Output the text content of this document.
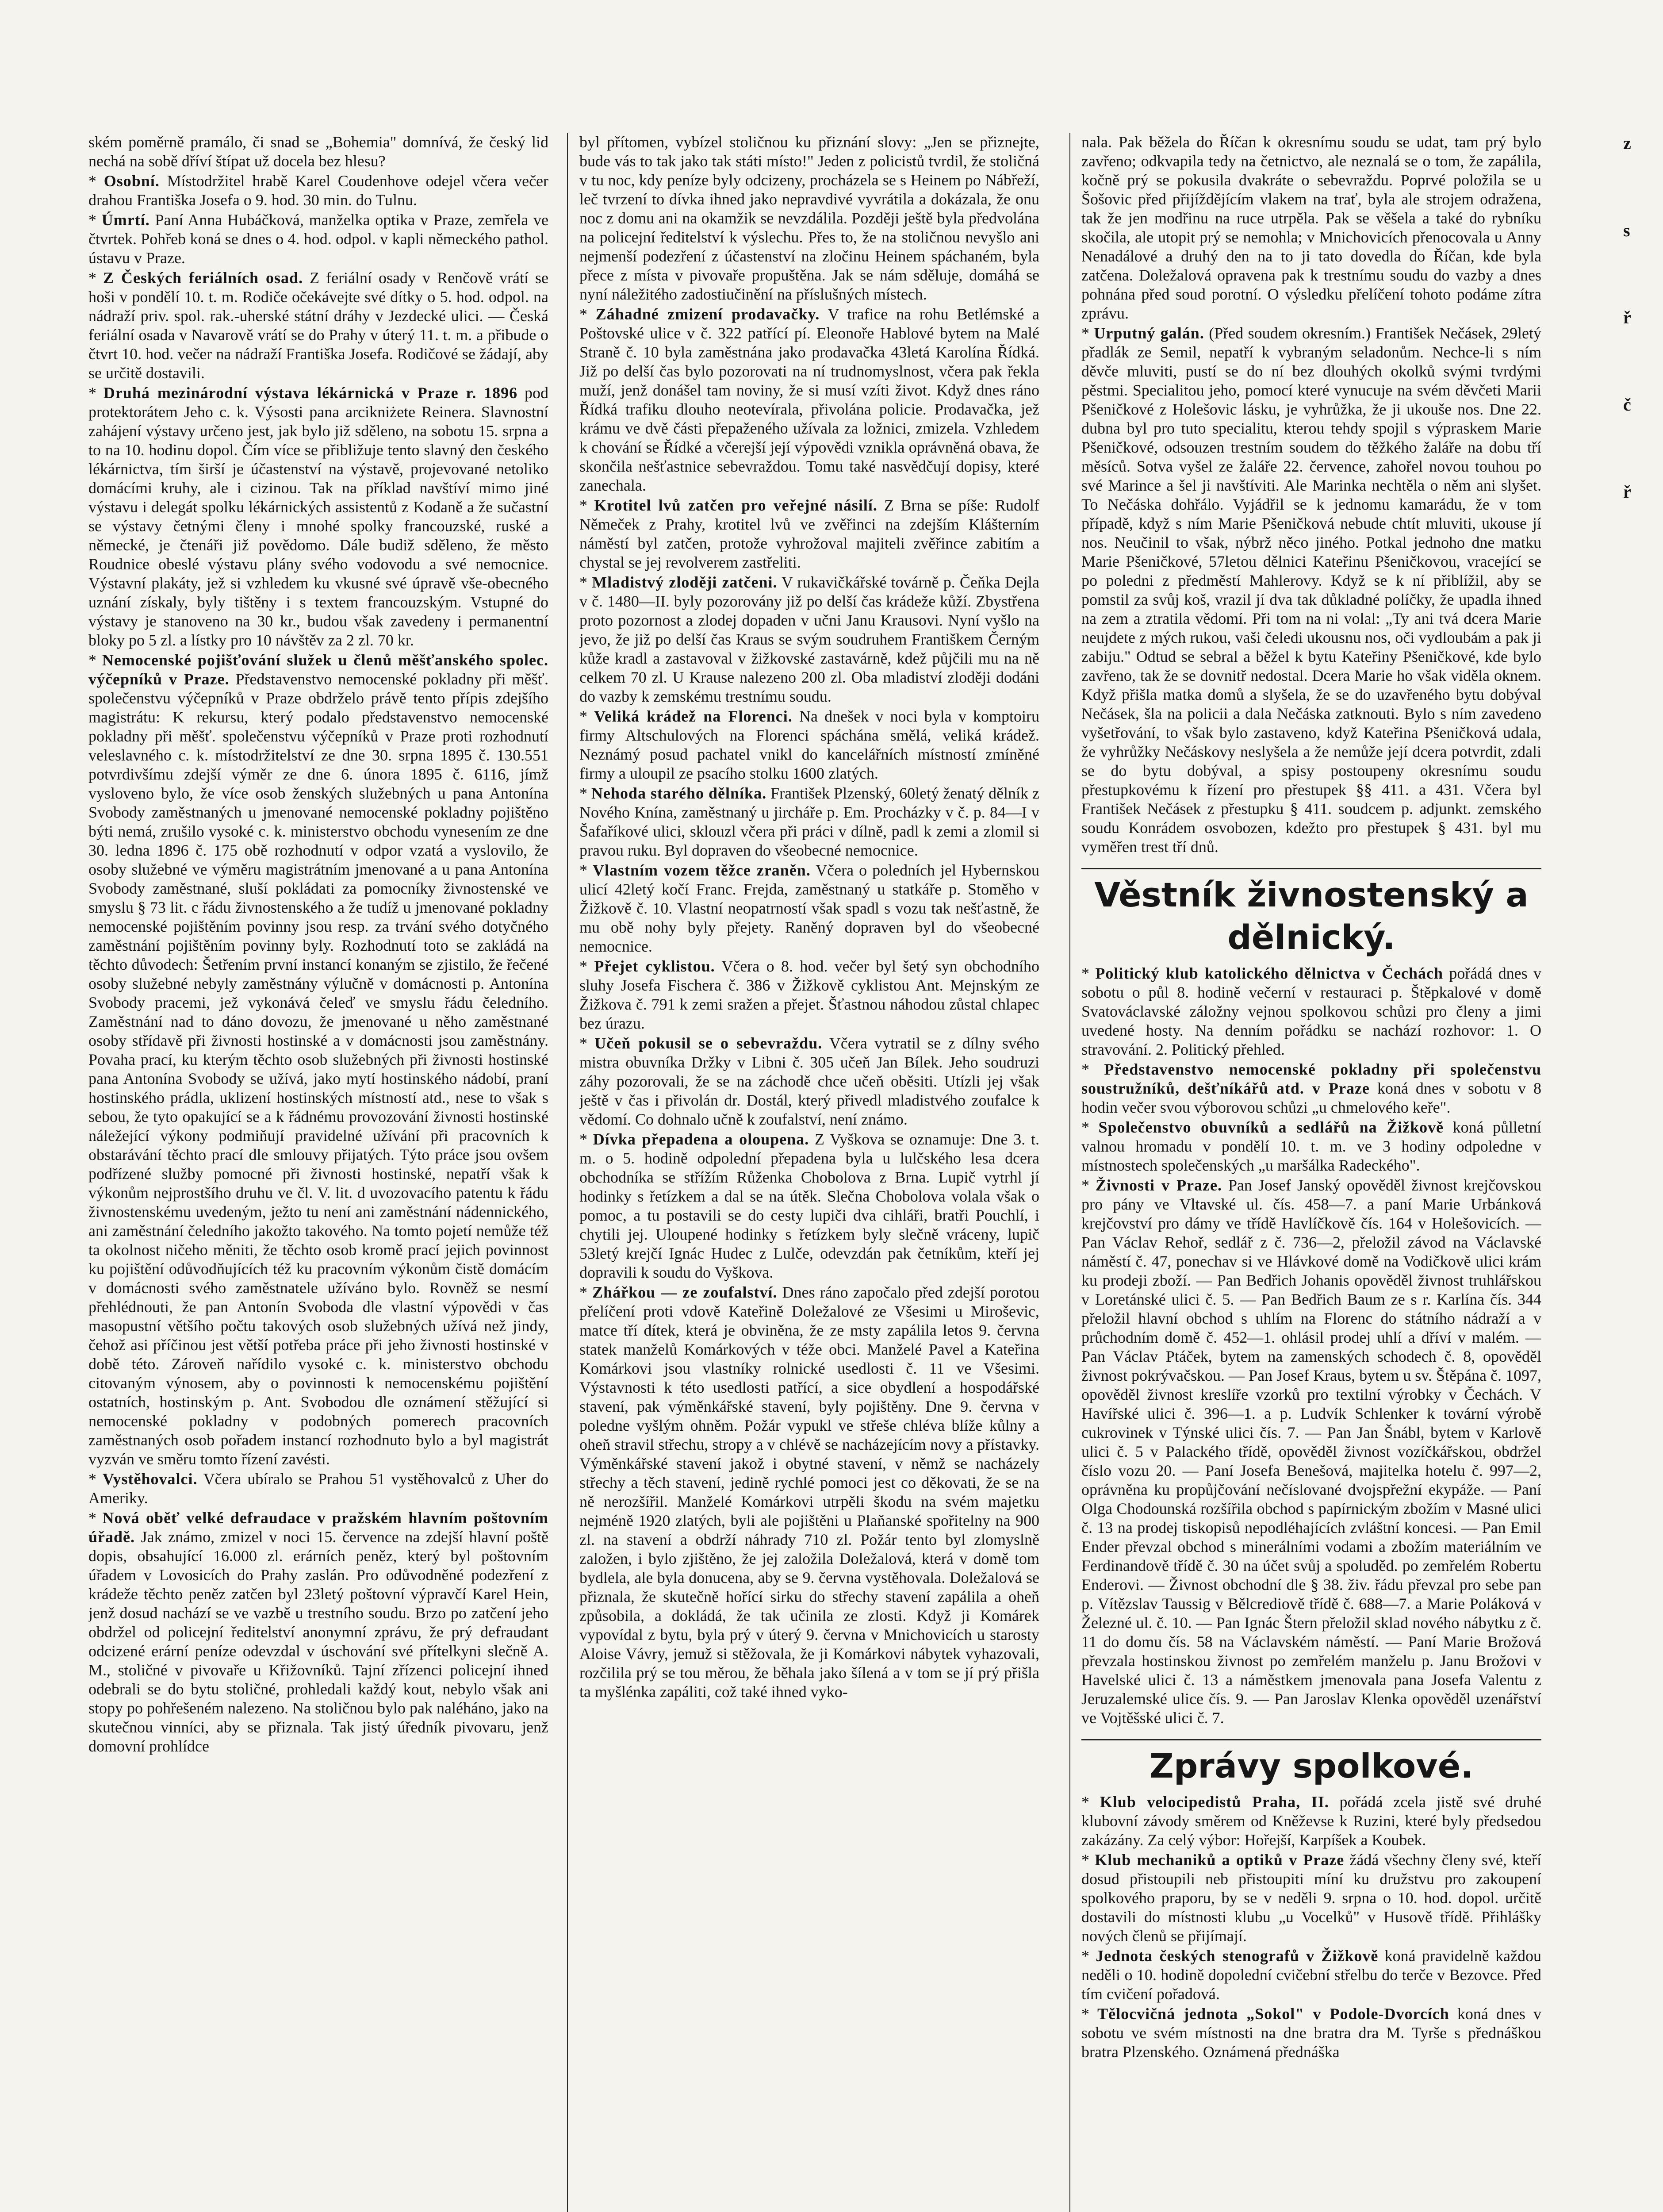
ském poměrně pramálo, či snad se „Bohemia" domnívá, že český lid nechá na sobě dříví štípat už docela bez hlesu?

* Osobní. Místodržitel hrabě Karel Coudenhove odejel včera večer drahou Františka Josefa o 9. hod. 30 min. do Tulnu.

* Úmrtí. Paní Anna Hubáčková, manželka optika v Praze, zemřela ve čtvrtek. Pohřeb koná se dnes o 4. hod. odpol. v kapli německého pathol. ústavu v Praze.

* Z Českých feriálních osad. Z feriální osady v Renčově vrátí se hoši v pondělí 10. t. m. Rodiče očekávejte své dítky o 5. hod. odpol. na nádraží priv. spol. rak.-uherské státní dráhy v Jezdecké ulici. — Česká feriální osada v Navarově vrátí se do Prahy v úterý 11. t. m. a přibude o čtvrt 10. hod. večer na nádraží Františka Josefa. Rodičové se žádají, aby se určitě dostavili.

* Druhá mezinárodní výstava lékárnická v Praze r. 1896 pod protektorátem Jeho c. k. Výsosti pana arcikniżete Reinera. Slavnostní zahájení výstavy určeno jest, jak bylo již sděleno, na sobotu 15. srpna a to na 10. hodinu dopol. Čím více se přibližuje tento slavný den českého lékárnictva, tím širší je účastenství na výstavě, projevované netoliko domácími kruhy, ale i cizinou. Tak na příklad navštíví mimo jiné výstavu i delegát spolku lékárnických assistentů z Kodaně a že sučastní se výstavy četnými členy i mnohé spolky francouzské, ruské a německé, je čtenáři již povědomo. Dále budiž sděleno, že město Roudnice obeslé výstavu plány svého vodovodu a své nemocnice. Výstavní plakáty, jež si vzhledem ku vkusné své úpravě vše-obecného uznání získaly, byly tištěny i s textem francouzským. Vstupné do výstavy je stanoveno na 30 kr., budou však zavedeny i permanentní bloky po 5 zl. a lístky pro 10 návštěv za 2 zl. 70 kr.

* Nemocenské pojišťování služek u členů měšťanského spolec. výčepníků v Praze. Představenstvo nemocenské pokladny při měšť. společenstvu výčepníků v Praze obdrželo právě tento přípis zdejšího magistrátu: K rekursu, který podalo představenstvo nemocenské pokladny při měšť. společenstvu výčepníků v Praze proti rozhodnutí veleslavného c. k. místodržitelství ze dne 30. srpna 1895 č. 130.551 potvrdivšímu zdejší výměr ze dne 6. února 1895 č. 6116, jímž vysloveno bylo, že více osob ženských služebných u pana Antonína Svobody zaměstnaných u jmenované nemocenské pokladny pojištěno býti nemá, zrušilo vysoké c. k. ministerstvo obchodu vynesením ze dne 30. ledna 1896 č. 175 obě rozhodnutí v odpor vzatá a vyslovilo, že osoby služebné ve výměru magistrátním jmenované a u pana Antonína Svobody zaměstnané, sluší pokládati za pomocníky živnostenské ve smyslu § 73 lit. c řádu živnostenského a že tudíž u jmenované pokladny nemocenské pojištěním povinny jsou resp. za trvání svého dotyčného zaměstnání pojištěním povinny byly. Rozhodnutí toto se zakládá na těchto důvodech: Šetřením první instancí konaným se zjistilo, že řečené osoby služebné nebyly zaměstnány výlučně v domácnosti p. Antonína Svobody pracemi, jež vykonává čeleď ve smyslu řádu čeledního. Zaměstnání nad to dáno dovozu, že jmenované u něho zaměstnané osoby střídavě při živnosti hostinské a v domácnosti jsou zaměstnány. Povaha prací, ku kterým těchto osob služebných při živnosti hostinské pana Antonína Svobody se užívá, jako mytí hostinského nádobí, praní hostinského prádla, uklizení hostinských místností atd., nese to však s sebou, že tyto opakující se a k řádnému provozování živnosti hostinské náležející výkony podmiňují pravidelné užívání při pracovních k obstarávání těchto prací dle smlouvy přijatých. Týto práce jsou ovšem podřízené služby pomocné při živnosti hostinské, nepatří však k výkonům nejprostšího druhu ve čl. V. lit. d uvozovacího patentu k řádu živnostenskému uvedeným, ježto tu není ani zaměstnání nádennického, ani zaměstnání čeledního jakožto takového. Na tomto pojetí nemůže též ta okolnost ničeho měniti, že těchto osob kromě prací jejich povinnost ku pojištění odůvodňujících též ku pracovním výkonům čistě domácím v domácnosti svého zaměstnatele užíváno bylo. Rovněž se nesmí přehlédnouti, že pan Antonín Svoboda dle vlastní výpovědi v čas masopustní většího počtu takových osob služebných užívá než jindy, čehož asi příčinou jest větší potřeba práce při jeho živnosti hostinské v době této. Zároveň nařídilo vysoké c. k. ministerstvo obchodu citovaným výnosem, aby o povinnosti k nemocenskému pojištění ostatních, hostinským p. Ant. Svobodou dle oznámení stěžující si nemocenské pokladny v podobných pomerech pracovních zaměstnaných osob pořadem instancí rozhodnuto bylo a byl magistrát vyzván ve směru tomto řízení zavésti.

* Vystěhovalci. Včera ubíralo se Prahou 51 vystěhovalců z Uher do Ameriky.

* Nová oběť velké defraudace v pražském hlavním poštovním úřadě. Jak známo, zmizel v noci 15. července na zdejší hlavní poště dopis, obsahující 16.000 zl. erárních peněz, který byl poštovním úřadem v Lovosicích do Prahy zaslán. Pro odůvodněné podezření z krádeže těchto peněz zatčen byl 23letý poštovní výpravčí Karel Hein, jenž dosud nachází se ve vazbě u trestního soudu. Brzo po zatčení jeho obdržel od policejní ředitelství anonymní zprávu, že prý defraudant odcizené erární peníze odevzdal v úschování své přítelkyni slečně A. M., stoličné v pivovaře u Křižovníků. Tajní zřízenci policejní ihned odebrali se do bytu stoličné, prohledali každý kout, nebylo však ani stopy po pohřešeném nalezeno. Na stoličnou bylo pak naléháno, jako na skutečnou vinníci, aby se přiznala. Tak jistý úředník pivovaru, jenž domovní prohlídce

byl přítomen, vybízel stoličnou ku přiznání slovy: „Jen se přiznejte, bude vás to tak jako tak státi místo!" Jeden z policistů tvrdil, že stoličná v tu noc, kdy peníze byly odcizeny, procházela se s Heinem po Nábřeží, leč tvrzení to dívka ihned jako nepravdivé vyvrátila a dokázala, že onu noc z domu ani na okamžik se nevzdálila. Později ještě byla předvolána na policejní ředitelství k výslechu. Přes to, že na stoličnou nevyšlo ani nejmenší podezření z účastenství na zločinu Heinem spáchaném, byla přece z místa v pivovaře propuštěna. Jak se nám sděluje, domáhá se nyní náležitého zadostiučinění na příslušných místech.

* Záhadné zmizení prodavačky. V trafice na rohu Betlémské a Poštovské ulice v č. 322 patřící pí. Eleonoře Hablové bytem na Malé Straně č. 10 byla zaměstnána jako prodavačka 43letá Karolína Řídká. Již po delší čas bylo pozorovati na ní trudnomyslnost, včera pak řekla muží, jenž donášel tam noviny, že si musí vzíti život. Když dnes ráno Řídká trafiku dlouho neotevírala, přivolána policie. Prodavačka, jež krámu ve dvě části přepaženého užívala za ložnici, zmizela. Vzhledem k chování se Řídké a včerejší její výpovědi vznikla oprávněná obava, že skončila nešťastnice sebevraždou. Tomu také nasvědčují dopisy, které zanechala.

* Krotitel lvů zatčen pro veřejné násilí. Z Brna se píše: Rudolf Němeček z Prahy, krotitel lvů ve zvěřinci na zdejším Klášterním náměstí byl zatčen, protože vyhrožoval majiteli zvěřince zabitím a chystal se jej revolverem zastřeliti.

* Mladistvý zloději zatčeni. V rukavičkářské továrně p. Čeňka Dejla v č. 1480—II. byly pozorovány již po delší čas krádeže kůží. Zbystřena proto pozornost a zlodej dopaden v učni Janu Krausovi. Nyní vyšlo na jevo, že již po delší čas Kraus se svým soudruhem Františkem Černým kůže kradl a zastavoval v žižkovské zastavárně, kdež půjčili mu na ně celkem 70 zl. U Krause nalezeno 200 zl. Oba mladiství zloději dodáni do vazby k zemskému trestnímu soudu.

* Veliká krádež na Florenci. Na dnešek v noci byla v komptoiru firmy Altschulových na Florenci spáchána smělá, veliká krádež. Neznámý posud pachatel vnikl do kancelářních místností zmíněné firmy a uloupil ze psacího stolku 1600 zlatých.

* Nehoda starého dělníka. František Plzenský, 60letý ženatý dělník z Nového Knína, zaměstnaný u jircháře p. Em. Procházky v č. p. 84—I v Šafaříkové ulici, sklouzl včera při práci v dílně, padl k zemi a zlomil si pravou ruku. Byl dopraven do všeobecné nemocnice.

* Vlastním vozem těžce zraněn. Včera o poledních jel Hybernskou ulicí 42letý kočí Franc. Frejda, zaměstnaný u statkáře p. Stoměho v Žižkově č. 10. Vlastní neopatrností však spadl s vozu tak nešťastně, že mu obě nohy byly přejety. Raněný dopraven byl do všeobecné nemocnice.

* Přejet cyklistou. Včera o 8. hod. večer byl šetý syn obchodního sluhy Josefa Fischera č. 386 v Žižkově cyklistou Ant. Mejnským ze Žižkova č. 791 k zemi sražen a přejet. Šťastnou náhodou zůstal chlapec bez úrazu.

* Učeň pokusil se o sebevraždu. Včera vytratil se z dílny svého mistra obuvníka Držky v Libni č. 305 učeň Jan Bílek. Jeho soudruzi záhy pozorovali, že se na záchodě chce učeň oběsiti. Utízli jej však ještě v čas i přivolán dr. Dostál, který přivedl mladistvého zoufalce k vědomí. Co dohnalo učně k zoufalství, není známo.

* Dívka přepadena a oloupena. Z Vyškova se oznamuje: Dne 3. t. m. o 5. hodině odpolední přepadena byla u lulčského lesa dcera obchodníka se střížím Růženka Chobolova z Brna. Lupič vytrhl jí hodinky s řetízkem a dal se na útěk. Slečna Chobolova volala však o pomoc, a tu postavili se do cesty lupiči dva cihláři, bratři Pouchlí, i chytili jej. Uloupené hodinky s řetízkem byly slečně vráceny, lupič 53letý krejčí Ignác Hudec z Lulče, odevzdán pak četníkům, kteří jej dopravili k soudu do Vyškova.

* Zhářkou — ze zoufalství. Dnes ráno započalo před zdejší porotou přelíčení proti vdově Kateřině Doležalové ze Všesimi u Miroševic, matce tří dítek, která je obviněna, že ze msty zapálila letos 9. června statek manželů Komárkových v téže obci. Manželé Pavel a Kateřina Komárkovi jsou vlastníky rolnické usedlosti č. 11 ve Všesimi. Výstavnosti k této usedlosti patřící, a sice obydlení a hospodářské stavení, pak výměnkářské stavení, byly pojištěny. Dne 9. června v poledne vyšlým ohněm. Požár vypukl ve střeše chléva blíže kůlny a oheň stravil střechu, stropy a v chlévě se nacházejícím novy a přístavky. Výměnkářské stavení jakož i obytné stavení, v němž se nacházely střechy a těch stavení, jedině rychlé pomoci jest co děkovati, že se na ně nerozšířil. Manželé Komárkovi utrpěli škodu na svém majetku nejméně 1920 zlatých, byli ale pojištěni u Plaňanské spořitelny na 900 zl. na stavení a obdrží náhrady 710 zl. Požár tento byl zlomyslně založen, i bylo zjištěno, že jej založila Doležalová, která v domě tom bydlela, ale byla donucena, aby se 9. června vystěhovala. Doležalová se přiznala, že skutečně hořící sirku do střechy stavení zapálila a oheň způsobila, a dokládá, že tak učinila ze zlosti. Když ji Komárek vypovídal z bytu, byla prý v úterý 9. června v Mnichovicích u starosty Aloise Vávry, jemuž si stěžovala, že ji Komárkovi nábytek vyhazovali, rozčilila prý se tou měrou, že běhala jako šílená a v tom se jí prý přišla ta myšlénka zapáliti, což také ihned vyko-

nala. Pak běžela do Říčan k okresnímu soudu se udat, tam prý bylo zavřeno; odkvapila tedy na četnictvo, ale neznalá se o tom, že zapálila, kočně prý se pokusila dvakráte o sebevraždu. Poprvé položila se u Šošovic před přijíždějícím vlakem na trať, byla ale strojem odražena, tak že jen modřinu na ruce utrpěla. Pak se věšela a také do rybníku skočila, ale utopit prý se nemohla; v Mnichovicích přenocovala u Anny Nenadálové a druhý den na to ji tato dovedla do Říčan, kde byla zatčena. Doležalová opravena pak k trestnímu soudu do vazby a dnes pohnána před soud porotní. O výsledku přelíčení tohoto podáme zítra zprávu.

* Urputný galán. (Před soudem okresním.) František Nečásek, 29letý přadlák ze Semil, nepatří k vybraným seladonům. Nechce-li s ním děvče mluviti, pustí se do ní bez dlouhých okolků svými tvrdými pěstmi. Specialitou jeho, pomocí které vynucuje na svém děvčeti Marii Pšeničkové z Holešovic lásku, je vyhrůžka, že ji ukouše nos. Dne 22. dubna byl pro tuto specialitu, kterou tehdy spojil s výpraskem Marie Pšeničkové, odsouzen trestním soudem do těžkého žaláře na dobu tří měsíců. Sotva vyšel ze žaláře 22. července, zahořel novou touhou po své Marince a šel ji navštíviti. Ale Marinka nechtěla o něm ani slyšet. To Nečáska dohřálo. Vyjádřil se k jednomu kamarádu, že v tom případě, když s ním Marie Pšeničková nebude chtít mluviti, ukouse jí nos. Neučinil to však, nýbrž něco jiného. Potkal jednoho dne matku Marie Pšeničkové, 57letou dělnici Kateřinu Pšeničkovou, vracející se po poledni z předměstí Mahlerovy. Když se k ní přiblížil, aby se pomstil za svůj koš, vrazil jí dva tak důkladné políčky, že upadla ihned na zem a ztratila vědomí. Při tom na ni volal: „Ty ani tvá dcera Marie neujdete z mých rukou, vaši čeledi ukousnu nos, oči vydloubám a pak ji zabiju." Odtud se sebral a běžel k bytu Kateřiny Pšeničkové, kde bylo zavřeno, tak že se dovnitř nedostal. Dcera Marie ho však viděla oknem. Když přišla matka domů a slyšela, že se do uzavřeného bytu dobýval Nečásek, šla na policii a dala Nečáska zatknouti. Bylo s ním zavedeno vyšetřování, to však bylo zastaveno, když Kateřina Pšeničková udala, že vyhrůžky Nečáskovy neslyšela a že nemůže její dcera potvrdit, zdali se do bytu dobýval, a spisy postoupeny okresnímu soudu přestupkovému k řízení pro přestupek §§ 411. a 431. Včera byl František Nečásek z přestupku § 411. soudcem p. adjunkt. zemského soudu Konrádem osvobozen, kdežto pro přestupek § 431. byl mu vyměřen trest tří dnů.

Věstník živnostenský a dělnický.

* Politický klub katolického dělnictva v Čechách pořádá dnes v sobotu o půl 8. hodině večerní v restauraci p. Štěpkalové v domě Svatováclavské záložny vejnou spolkovou schůzi pro členy a jimi uvedené hosty. Na denním pořádku se nachází rozhovor: 1. O stravování. 2. Politický přehled.

* Představenstvo nemocenské pokladny při společenstvu soustružníků, dešťníkářů atd. v Praze koná dnes v sobotu v 8 hodin večer svou výborovou schůzi „u chmelového keře".

* Společenstvo obuvníků a sedlářů na Žižkově koná půlletní valnou hromadu v pondělí 10. t. m. ve 3 hodiny odpoledne v místnostech společenských „u maršálka Radeckého".

* Živnosti v Praze. Pan Josef Janský opověděl živnost krejčovskou pro pány ve Vltavské ul. čís. 458—7. a paní Marie Urbánková krejčovství pro dámy ve třídě Havlíčkově čís. 164 v Holešovicích. — Pan Václav Rehoř, sedlář z č. 736—2, přeložil závod na Václavské náměstí č. 47, ponechav si ve Hlávkové domě na Vodičkově ulici krám ku prodeji zboží. — Pan Bedřich Johanis opověděl živnost truhlářskou v Loretánské ulici č. 5. — Pan Bedřich Baum ze s r. Karlína čís. 344 přeložil hlavní obchod s uhlím na Florenc do státního nádraží a v průchodním domě č. 452—1. ohlásil prodej uhlí a dříví v malém. — Pan Václav Ptáček, bytem na zamenských schodech č. 8, opověděl živnost pokrývačskou. — Pan Josef Kraus, bytem u sv. Štěpána č. 1097, opověděl živnost kreslíře vzorků pro textilní výrobky v Čechách. V Havířské ulici č. 396—1. a p. Ludvík Schlenker k tovární výrobě cukrovinek v Týnské ulici čís. 7. — Pan Jan Šnábl, bytem v Karlově ulici č. 5 v Palackého třídě, opověděl živnost vozíčkářskou, obdržel číslo vozu 20. — Paní Josefa Benešová, majitelka hotelu č. 997—2, oprávněna ku propůjčování nečíslované dvojspřežní ekypáže. — Paní Olga Chodounská rozšířila obchod s papírnickým zbožím v Masné ulici č. 13 na prodej tiskopisů nepodléhajících zvláštní koncesi. — Pan Emil Ender převzal obchod s minerálními vodami a zbožím materiálním ve Ferdinandově třídě č. 30 na účet svůj a spoluděd. po zemřelém Robertu Enderovi. — Živnost obchodní dle § 38. živ. řádu převzal pro sebe pan p. Vítězslav Taussig v Bělcrediově třídě č. 688—7. a Marie Poláková v Železné ul. č. 10. — Pan Ignác Štern přeložil sklad nového nábytku z č. 11 do domu čís. 58 na Václavském náměstí. — Paní Marie Brožová převzala hostinskou živnost po zemřelém manželu p. Janu Brožovi v Havelské ulici č. 13 a náměstkem jmenovala pana Josefa Valentu z Jeruzalemské ulice čís. 9. — Pan Jaroslav Klenka opověděl uzenářství ve Vojtěšské ulici č. 7.

Zprávy spolkové.

* Klub velocipedistů Praha, II. pořádá zcela jistě své druhé klubovní závody směrem od Kněževse k Ruzini, které byly předsedou zakázány. Za celý výbor: Hořejší, Karpíšek a Koubek.

* Klub mechaniků a optiků v Praze žádá všechny členy své, kteří dosud přistoupili neb přistoupiti míní ku družstvu pro zakoupení spolkového praporu, by se v neděli 9. srpna o 10. hod. dopol. určitě dostavili do místnosti klubu „u Vocelků" v Husově třídě. Přihlášky nových členů se přijímají.

* Jednota českých stenografů v Žižkově koná pravidelně každou neděli o 10. hodině dopolední cvičební střelbu do terče v Bezovce. Před tím cvičení pořadová.

* Tělocvičná jednota „Sokol" v Podole-Dvorcích koná dnes v sobotu ve svém místnosti na dne bratra dra M. Tyrše s přednáškou bratra Plzenského. Oznámená přednáška

z
s
ř
č
ř
